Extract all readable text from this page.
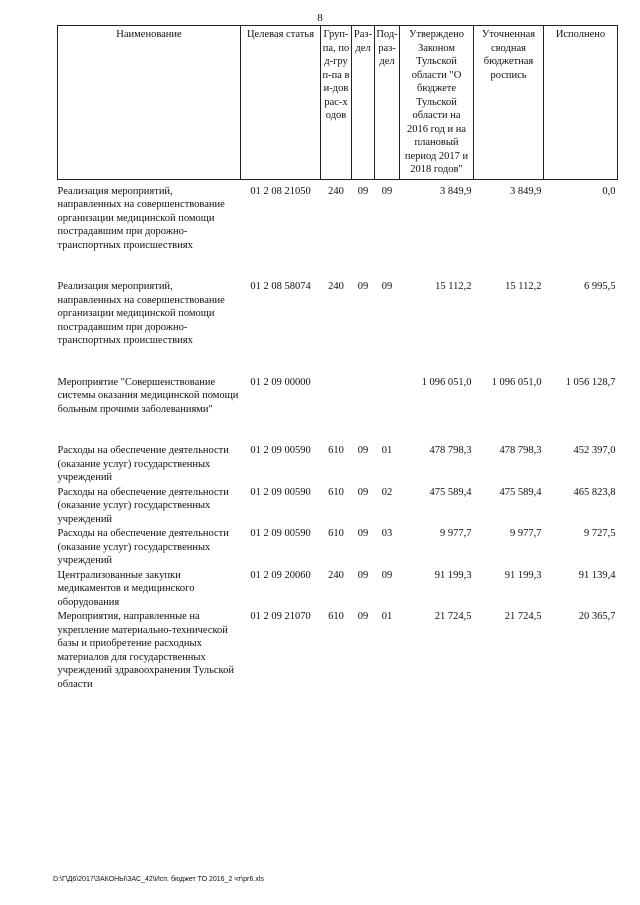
8
Наименование	Целевая статья	Груп-па, под-груп-па ви-дов рас-ходов	Раз-дел	Под-раз-дел	Утверждено Законом Тульской области "О бюджете Тульской области на 2016 год и на плановый период 2017 и 2018 годов"	Уточненная сводная бюджетная роспись	Исполнено
Реализация мероприятий, направленных на совершенствование организации медицинской помощи пострадавшим при дорожно-транспортных происшествиях	01 2 08 21050	240	09	09	3 849,9	3 849,9	0,0
Реализация мероприятий, направленных на совершенствование организации медицинской помощи пострадавшим при дорожно-транспортных происшествиях	01 2 08 58074	240	09	09	15 112,2	15 112,2	6 995,5
Мероприятие "Совершенствование системы оказания медицинской помощи больным прочими заболеваниями"	01 2 09 00000				1 096 051,0	1 096 051,0	1 056 128,7
Расходы на обеспечение деятельности (оказание услуг) государственных учреждений	01 2 09 00590	610	09	01	478 798,3	478 798,3	452 397,0
Расходы на обеспечение деятельности (оказание услуг) государственных учреждений	01 2 09 00590	610	09	02	475 589,4	475 589,4	465 823,8
Расходы на обеспечение деятельности (оказание услуг) государственных учреждений	01 2 09 00590	610	09	03	9 977,7	9 977,7	9 727,5
Централизованные закупки медикаментов и медицинского оборудования	01 2 09 20060	240	09	09	91 199,3	91 199,3	91 139,4
Мероприятия, направленные на укрепление материально-технической базы и приобретение расходных материалов для государственных учреждений здравоохранения Тульской области	01 2 09 21070	610	09	01	21 724,5	21 724,5	20 365,7
D:\Г\Д6\2017\ЗАКОНЫ\ЗАС_42\Исп. бюджет ТО 2016_2 чт\рг6.xls
